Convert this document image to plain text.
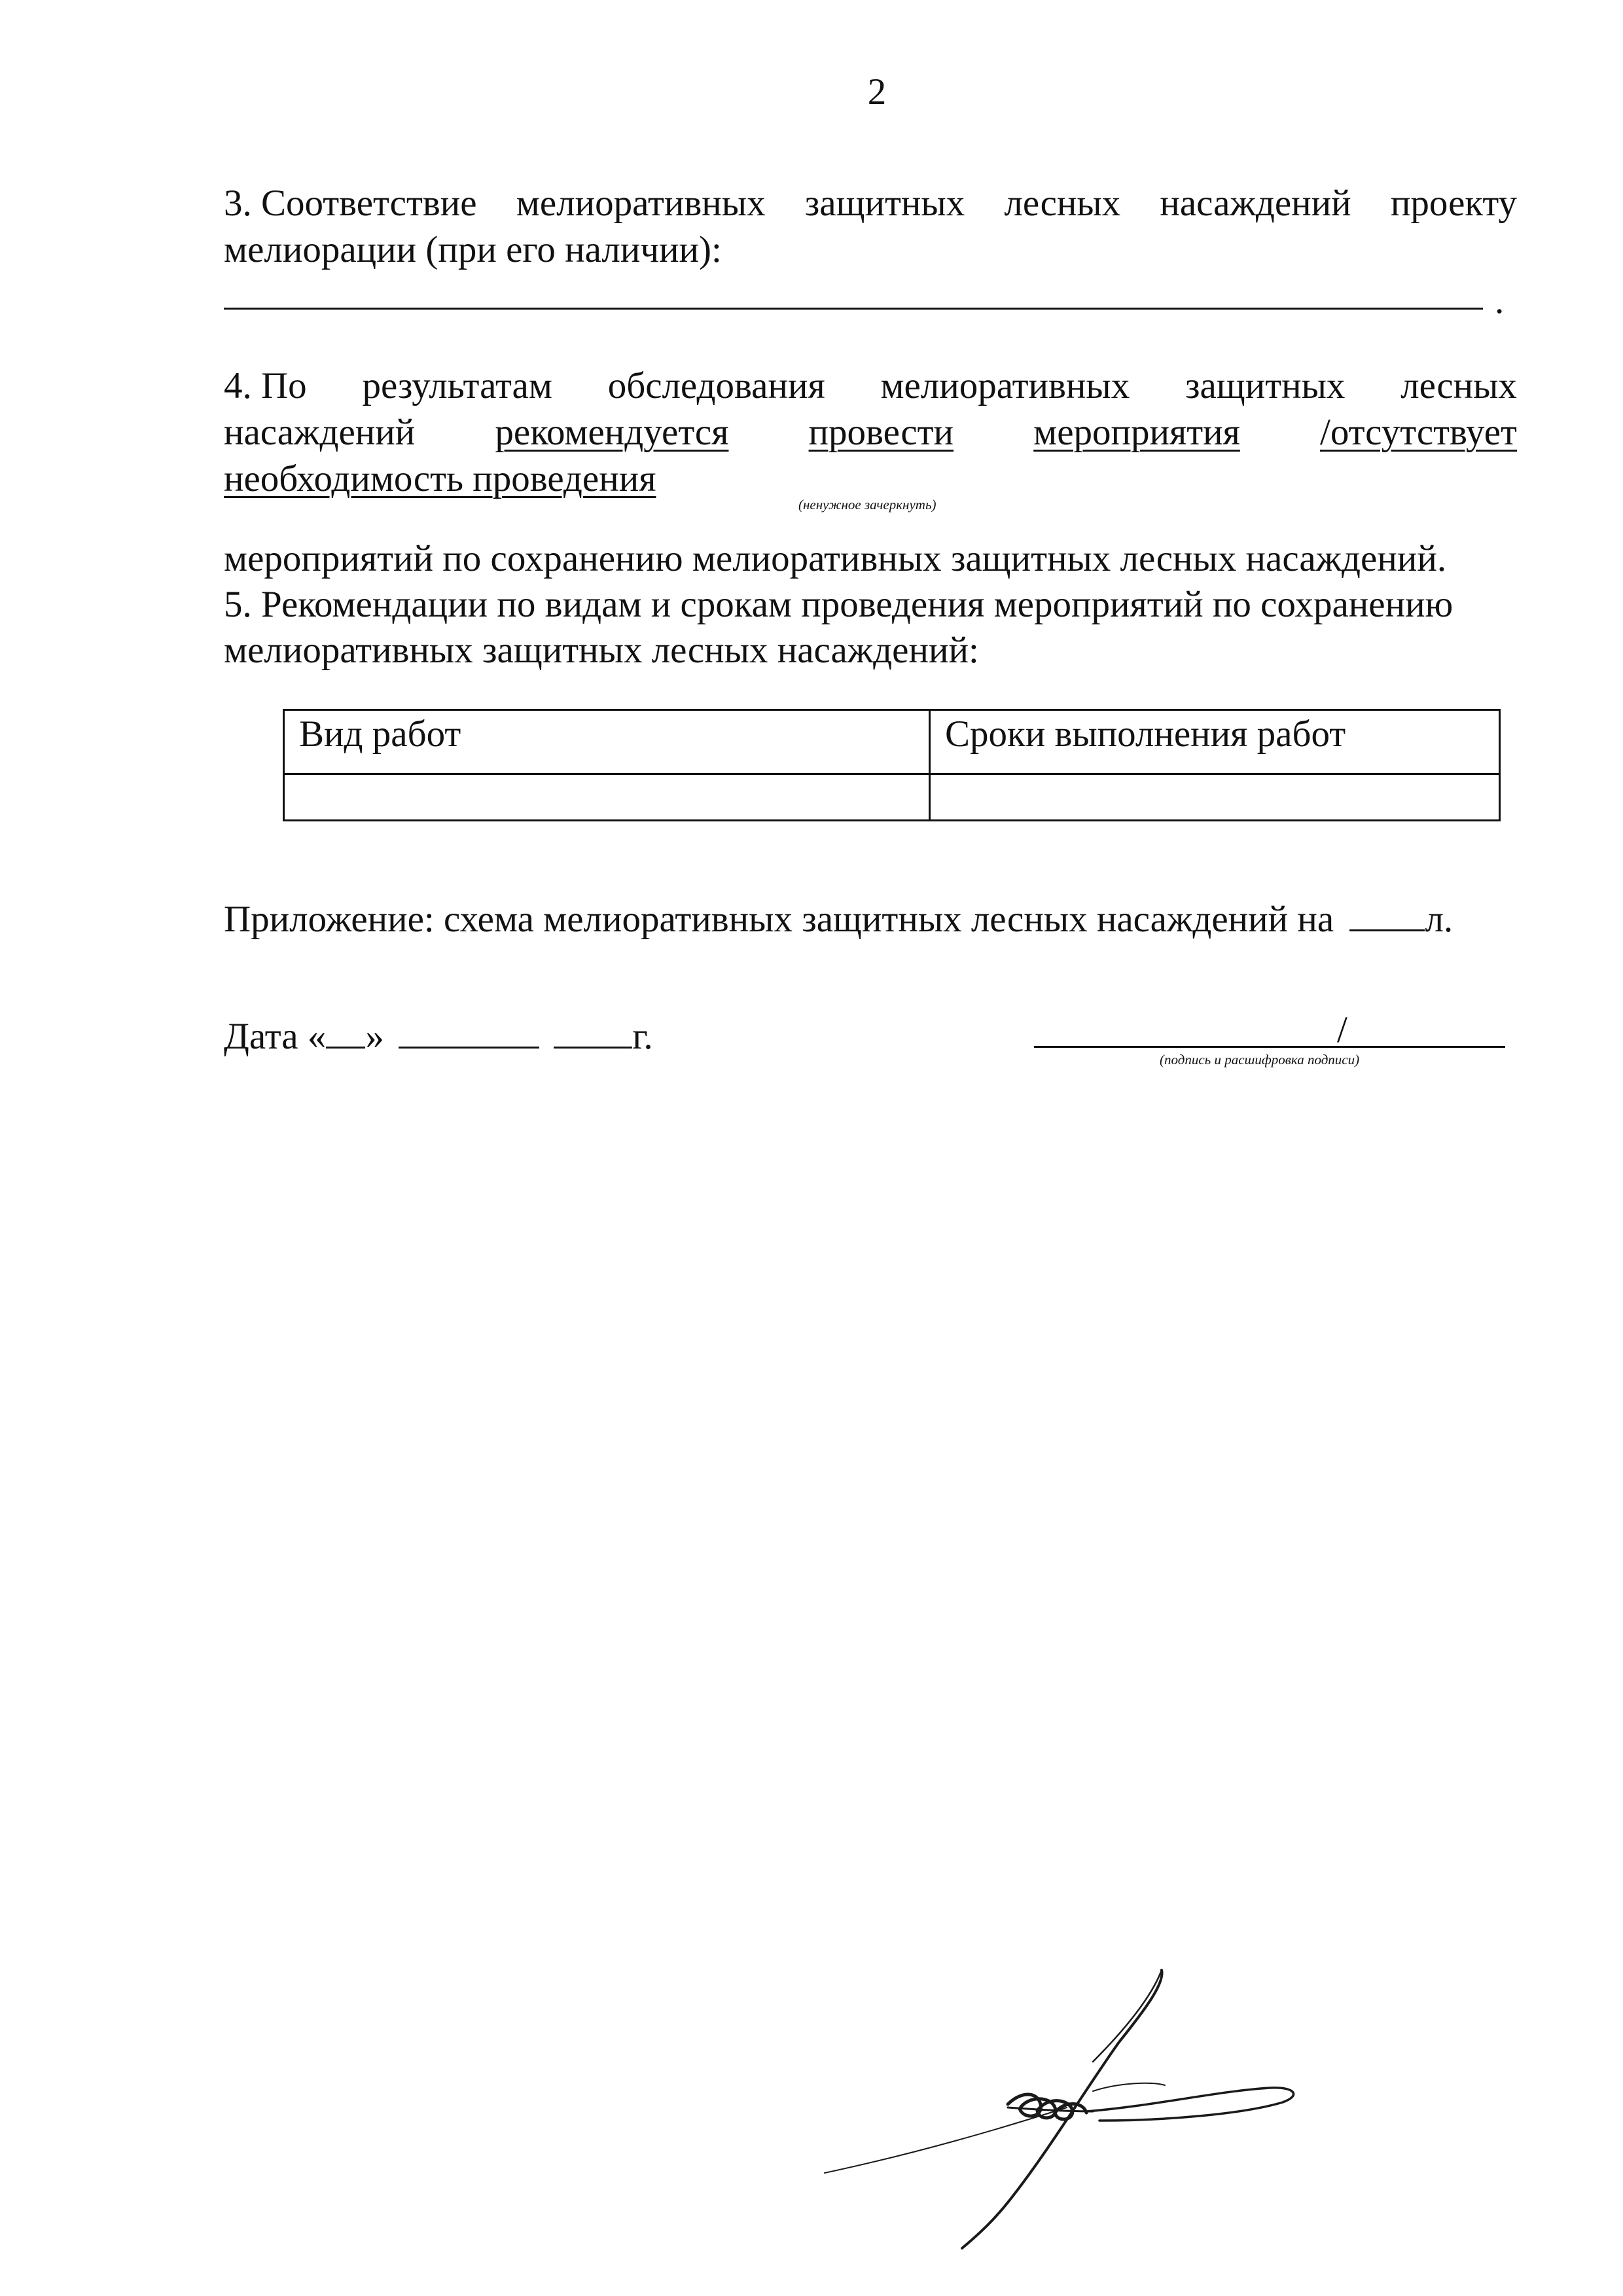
2
3. Соответствие мелиоративных защитных лесных насаждений проекту
мелиорации (при его наличии):
.
4. По результатам обследования мелиоративных защитных лесных
насаждений рекомендуется провести мероприятия /отсутствует
необходимость проведения
(ненужное зачеркнуть)
мероприятий по сохранению мелиоративных защитных лесных насаждений.
5. Рекомендации по видам и срокам проведения мероприятий по сохранению
мелиоративных защитных лесных насаждений:
Вид работ	Сроки выполнения работ

Приложение: схема мелиоративных защитных лесных насаждений на л.
Дата « »	г.	/
(подпись и расшифровка подписи)
